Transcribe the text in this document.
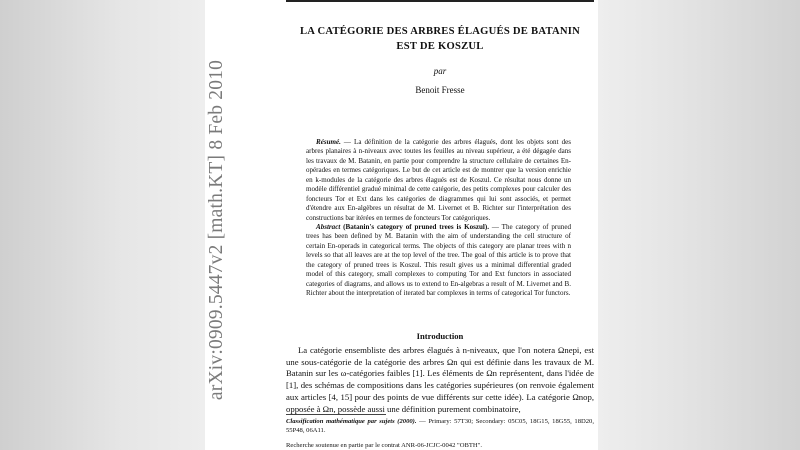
arXiv:0909.5447v2 [math.KT] 8 Feb 2010
LA CATÉGORIE DES ARBRES ÉLAGUÉS DE BATANIN
EST DE KOSZUL
par
Benoit Fresse

Résumé. — La définition de la catégorie des arbres élagués, dont les objets sont des arbres planaires à n-niveaux avec toutes les feuilles au niveau supérieur, a été dégagée dans les travaux de M. Batanin, en partie pour comprendre la structure cellulaire de certaines En-opérades en termes catégoriques. Le but de cet article est de montrer que la version enrichie en k-modules de la catégorie des arbres élagués est de Koszul. Ce résultat nous donne un modèle différentiel gradué minimal de cette catégorie, des petits complexes pour calculer des foncteurs Tor et Ext dans les catégories de diagrammes qui lui sont associés, et permet d'étendre aux En-algèbres un résultat de M. Livernet et B. Richter sur l'interprétation des constructions bar itérées en termes de foncteurs Tor catégoriques.

Abstract (Batanin's category of pruned trees is Koszul). — The category of pruned trees has been defined by M. Batanin with the aim of understanding the cell structure of certain En-operads in categorical terms. The objects of this category are planar trees with n levels so that all leaves are at the top level of the tree. The goal of this article is to prove that the category of pruned trees is Koszul. This result gives us a minimal differential graded model of this category, small complexes to computing Tor and Ext functors in associated categories of diagrams, and allows us to extend to En-algebras a result of M. Livernet and B. Richter about the interpretation of iterated bar complexes in terms of categorical Tor functors.

Introduction

La catégorie ensembliste des arbres élagués à n-niveaux, que l'on notera Ωnepi, est une sous-catégorie de la catégorie des arbres Ωn qui est définie dans les travaux de M. Batanin sur les ω-catégories faibles [1]. Les éléments de Ωn représentent, dans l'idée de [1], des schémas de compositions dans les catégories supérieures (on renvoie également aux articles [4, 15] pour des points de vue différents sur cette idée). La catégorie Ωnop, opposée à Ωn, possède aussi une définition purement combinatoire,

Classification mathématique par sujets (2000). — Primary: 57T30; Secondary: 05C05, 18G15, 18G55, 18D20, 55P48, 06A11.

Recherche soutenue en partie par le contrat ANR-06-JCJC-0042 "OBTH".
